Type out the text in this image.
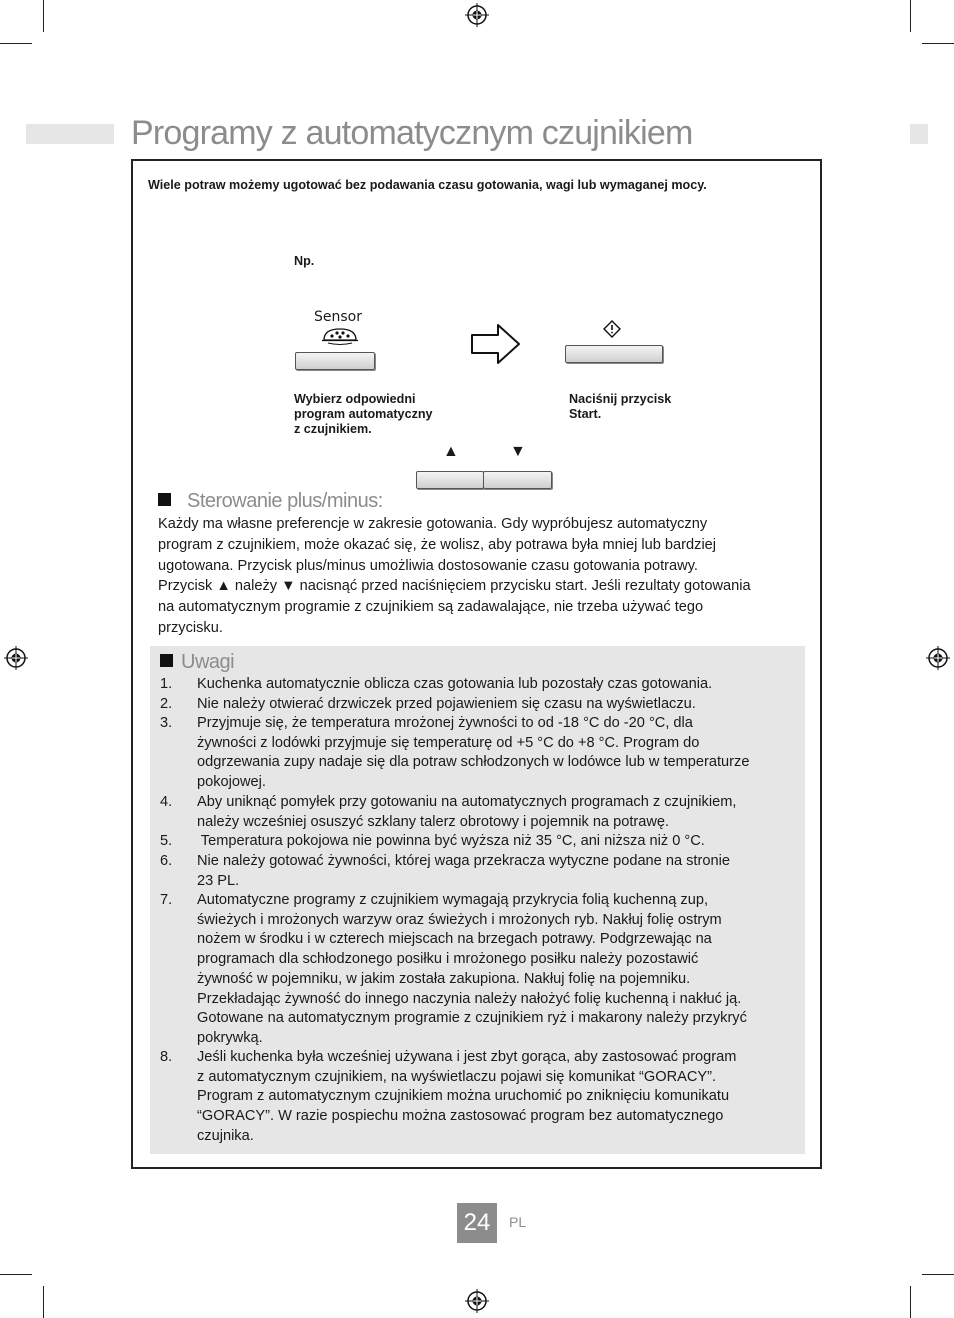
Programy z automatycznym czujnikiem
Wiele potraw możemy ugotować bez podawania czasu gotowania, wagi lub wymaganej mocy.
Np.
Sensor
Wybierz odpowiedni
program automatyczny
z czujnikiem.
Naciśnij przycisk
Start.
▲	▼
Sterowanie plus/minus:
Każdy ma własne preferencje w zakresie gotowania. Gdy wypróbujesz automatyczny
program z czujnikiem, może okazać się, że wolisz, aby potrawa była mniej lub bardziej
ugotowana. Przycisk plus/minus umożliwia dostosowanie czasu gotowania potrawy.
Przycisk ▲ należy ▼ nacisnąć przed naciśnięciem przycisku start. Jeśli rezultaty gotowania
na automatycznym programie z czujnikiem są zadawalające, nie trzeba używać tego
przycisku.
Uwagi
1.	Kuchenka automatycznie oblicza czas gotowania lub pozostały czas gotowania.
2.	Nie należy otwierać drzwiczek przed pojawieniem się czasu na wyświetlaczu.
3.	Przyjmuje się, że temperatura mrożonej żywności to od -18 °C do -20 °C, dla
żywności z lodówki przyjmuje się temperaturę od +5 °C do +8 °C. Program do
odgrzewania zupy nadaje się dla potraw schłodzonych w lodówce lub w temperaturze
pokojowej.
4.	Aby uniknąć pomyłek przy gotowaniu na automatycznych programach z czujnikiem,
należy wcześniej osuszyć szklany talerz obrotowy i pojemnik na potrawę.
5.	Temperatura pokojowa nie powinna być wyższa niż 35 °C, ani niższa niż 0 °C.
6.	Nie należy gotować żywności, której waga przekracza wytyczne podane na stronie
23 PL.
7.	Automatyczne programy z czujnikiem wymagają przykrycia folią kuchenną zup,
świeżych i mrożonych warzyw oraz świeżych i mrożonych ryb. Nakłuj folię ostrym
nożem w środku i w czterech miejscach na brzegach potrawy. Podgrzewając na
programach dla schłodzonego posiłku i mrożonego posiłku należy pozostawić
żywność w pojemniku, w jakim została zakupiona. Nakłuj folię na pojemniku.
Przekładając żywność do innego naczynia należy nałożyć folię kuchenną i nakłuć ją.
Gotowane na automatycznym programie z czujnikiem ryż i makarony należy przykryć
pokrywką.
8.	Jeśli kuchenka była wcześniej używana i jest zbyt gorąca, aby zastosować program
z automatycznym czujnikiem, na wyświetlaczu pojawi się komunikat “GORACY”.
Program z automatycznym czujnikiem można uruchomić po zniknięciu komunikatu
“GORACY”. W razie pospiechu można zastosować program bez automatycznego
czujnika.
24	PL
